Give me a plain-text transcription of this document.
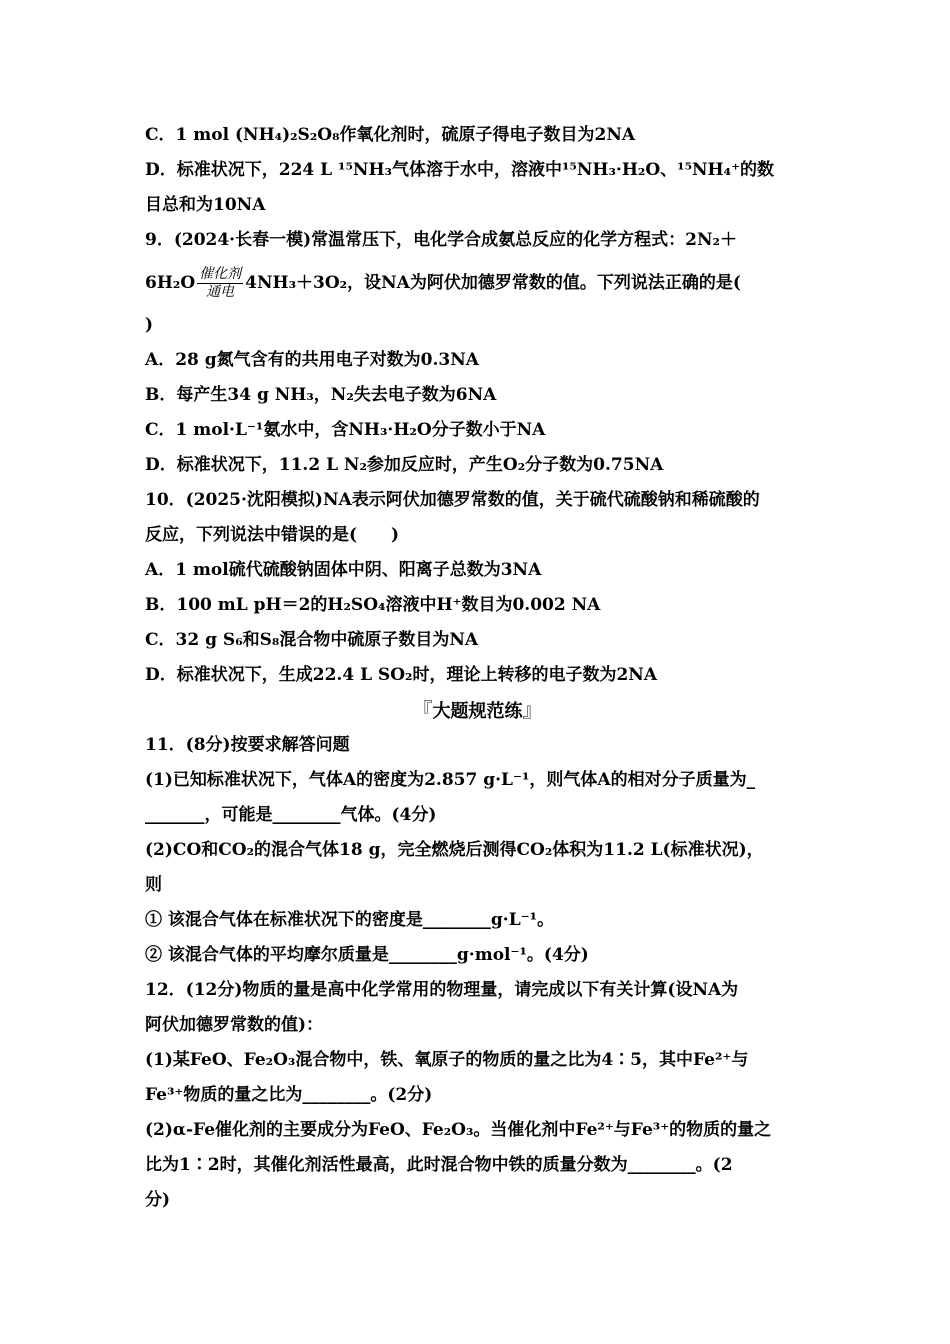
C．1 mol (NH₄)₂S₂O₈作氧化剂时，硫原子得电子数目为2NA
D．标准状况下，224 L ¹⁵NH₃气体溶于水中，溶液中¹⁵NH₃·H₂O、¹⁵NH₄⁺的数
目总和为10NA
9．(2024·长春一模)常温常压下，电化学合成氨总反应的化学方程式：2N₂＋
$6H_2O \frac{\text{催化剂}}{\text{通电}} 4NH_3+3O_2$，设NA为阿伏加德罗常数的值。下列说法正确的是(
)
A．28 g氮气含有的共用电子对数为0.3NA
B．每产生34 g NH₃，N₂失去电子数为6NA
C．1 mol·L⁻¹氨水中，含NH₃·H₂O分子数小于NA
D．标准状况下，11.2 L N₂参加反应时，产生O₂分子数为0.75NA
10．(2025·沈阳模拟)NA表示阿伏加德罗常数的值，关于硫代硫酸钠和稀硫酸的
反应，下列说法中错误的是(　　)
A．1 mol硫代硫酸钠固体中阴、阳离子总数为3NA
B．100 mL pH＝2的H₂SO₄溶液中H⁺数目为0.002 NA
C．32 g S₆和S₈混合物中硫原子数目为NA
D．标准状况下，生成22.4 L SO₂时，理论上转移的电子数为2NA
『大题规范练』
11．(8分)按要求解答问题
(1)已知标准状况下，气体A的密度为2.857 g·L⁻¹，则气体A的相对分子质量为_
_______，可能是________气体。(4分)
(2)CO和CO₂的混合气体18 g，完全燃烧后测得CO₂体积为11.2 L(标准状况)，
则
① 该混合气体在标准状况下的密度是________g·L⁻¹。
② 该混合气体的平均摩尔质量是________g·mol⁻¹。(4分)
12．(12分)物质的量是高中化学常用的物理量，请完成以下有关计算(设NA为
阿伏加德罗常数的值)：
(1)某FeO、Fe₂O₃混合物中，铁、氧原子的物质的量之比为4∶5，其中Fe²⁺与
Fe³⁺物质的量之比为________。(2分)
(2)α-Fe催化剂的主要成分为FeO、Fe₂O₃。当催化剂中Fe²⁺与Fe³⁺的物质的量之
比为1∶2时，其催化剂活性最高，此时混合物中铁的质量分数为________。(2
分)
